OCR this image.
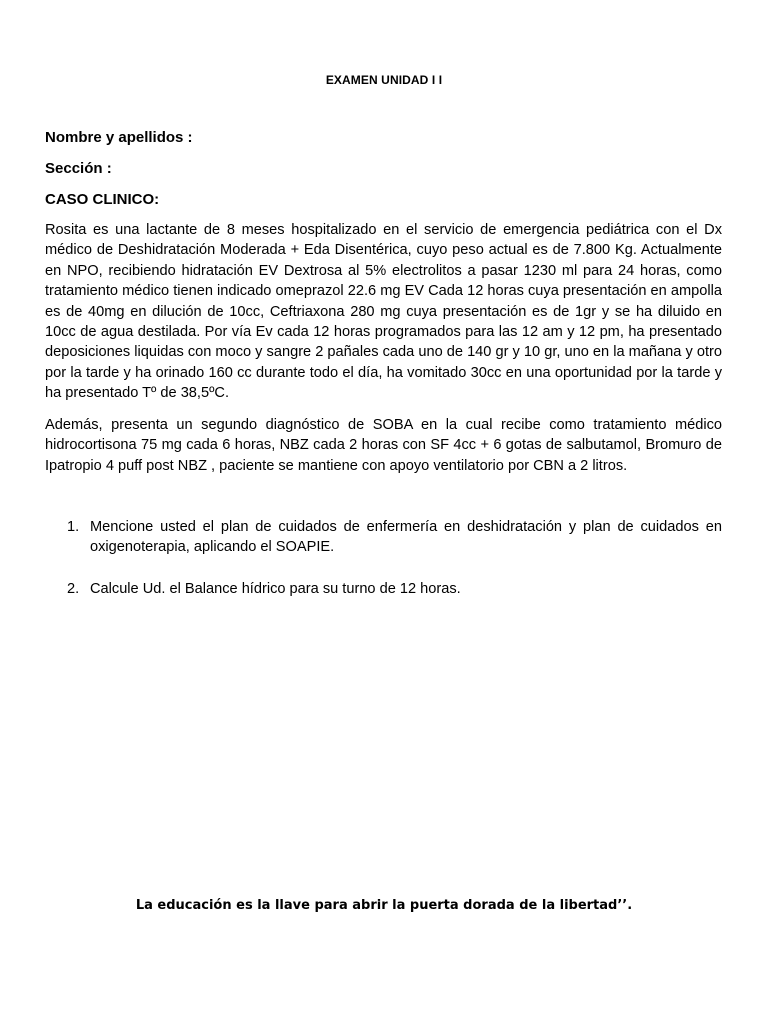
EXAMEN UNIDAD I I
Nombre y apellidos :
Sección :
CASO CLINICO:
Rosita es una lactante de 8 meses hospitalizado en el servicio de emergencia pediátrica con el Dx médico de Deshidratación Moderada + Eda Disentérica, cuyo peso actual es de 7.800 Kg. Actualmente en NPO, recibiendo hidratación EV Dextrosa al 5% electrolitos a pasar 1230 ml para 24 horas, como tratamiento médico tienen indicado omeprazol 22.6 mg EV Cada 12 horas cuya presentación en ampolla es de 40mg en dilución de 10cc, Ceftriaxona 280 mg cuya presentación es de 1gr y se ha diluido en 10cc de agua destilada. Por vía Ev cada 12 horas programados para las 12 am y 12 pm, ha presentado deposiciones liquidas con moco y sangre 2 pañales cada uno de 140 gr y 10 gr, uno en la mañana y otro por la tarde y ha orinado 160 cc durante todo el día, ha vomitado 30cc en una oportunidad por la tarde y ha presentado Tº de 38,5ºC.
Además, presenta un segundo diagnóstico de SOBA en la cual recibe como tratamiento médico hidrocortisona 75 mg cada 6 horas, NBZ cada 2 horas con SF 4cc + 6 gotas de salbutamol, Bromuro de Ipatropio 4 puff post NBZ , paciente se mantiene con apoyo ventilatorio por CBN a 2 litros.
1. Mencione usted el plan de cuidados de enfermería en deshidratación y plan de cuidados en oxigenoterapia, aplicando el SOAPIE.
2. Calcule Ud. el Balance hídrico para su turno de 12 horas.
La educación es la llave para abrir la puerta dorada de la libertad’’.
